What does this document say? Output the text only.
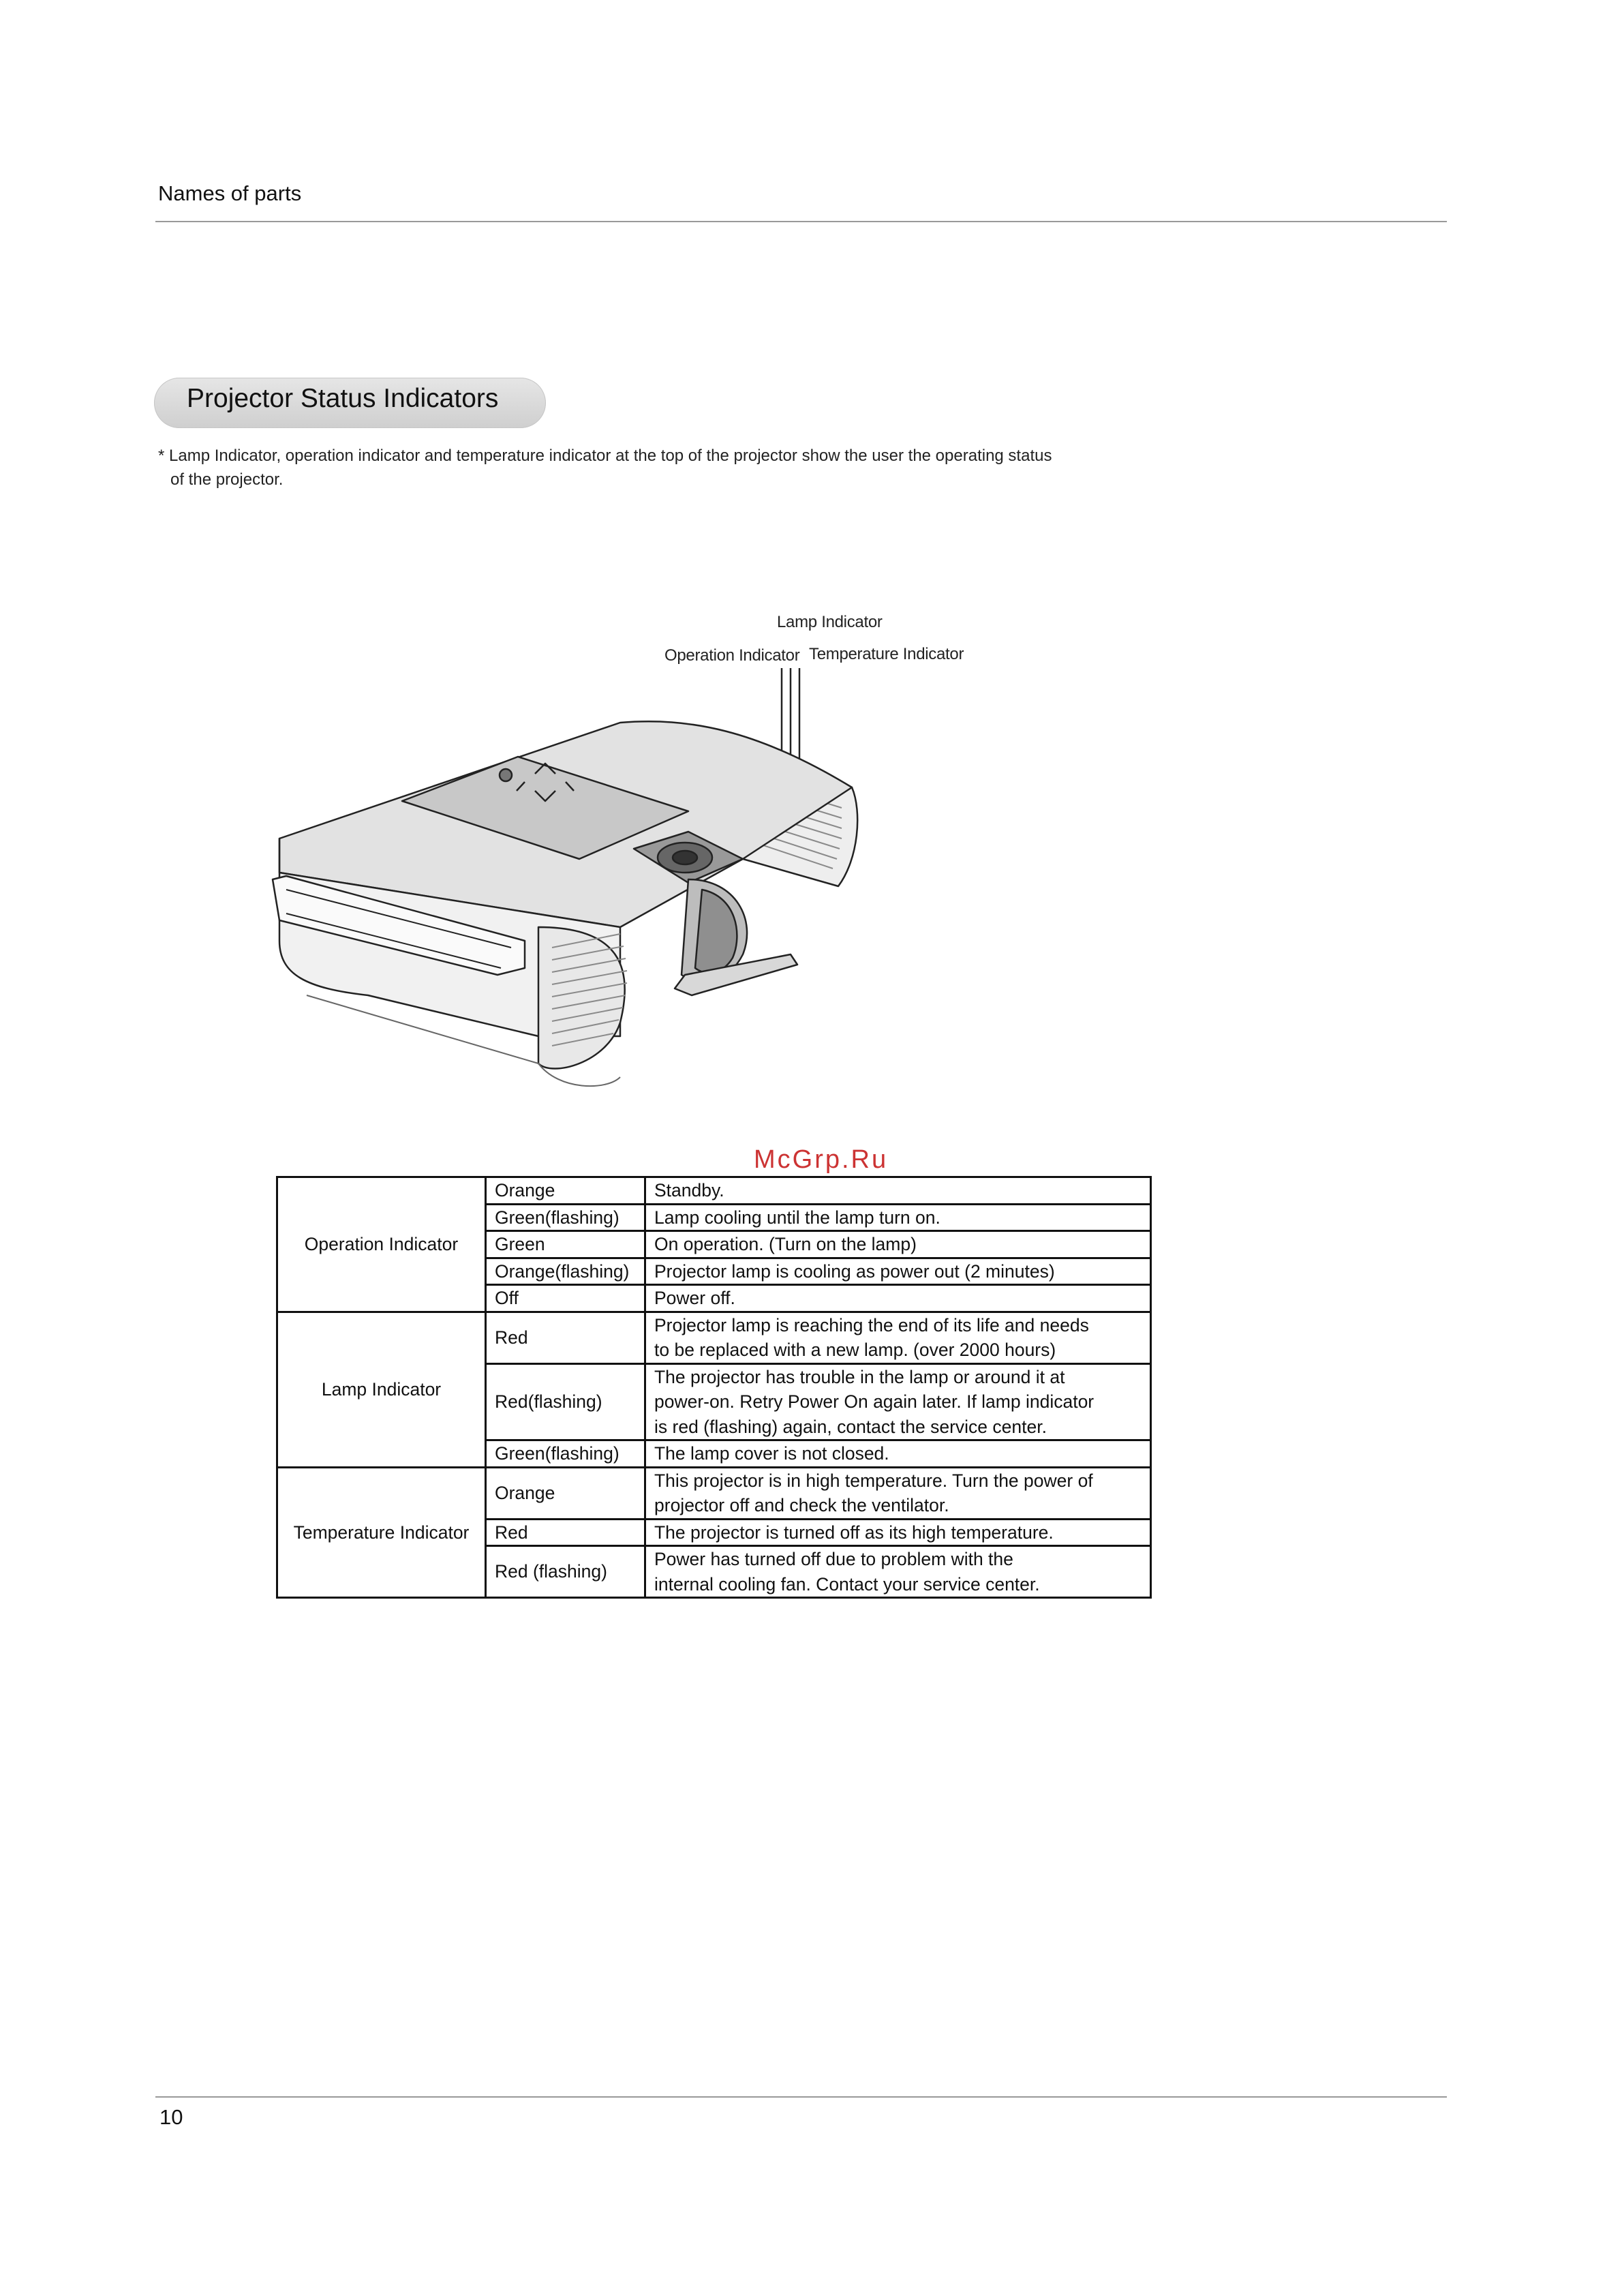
Names of parts
Projector Status Indicators
* Lamp Indicator, operation indicator and temperature indicator at the top of the projector show the user the operating status
of the projector.
Lamp Indicator
Operation Indicator Temperature Indicator
McGrp.Ru
Operation Indicator	Orange	Standby.

	Green(flashing)	Lamp cooling until the lamp turn on.

	Green	On operation. (Turn on the lamp)

	Orange(flashing)	Projector lamp is cooling as power out (2 minutes)

	Off	Power off.

Lamp Indicator	Red	Projector lamp is reaching the end of its life and needs
to be replaced with a new lamp. (over 2000 hours)

	Red(flashing)	The projector has trouble in the lamp or around it at
power-on. Retry Power On again later. If lamp indicator
is red (flashing) again, contact the service center.

	Green(flashing)	The lamp cover is not closed.

Temperature Indicator	Orange	This projector is in high temperature. Turn the power of
projector off and check the ventilator.

	Red	The projector is turned off as its high temperature.

	Red (flashing)	Power has turned off due to problem with the
internal cooling fan. Contact your service center.
10
